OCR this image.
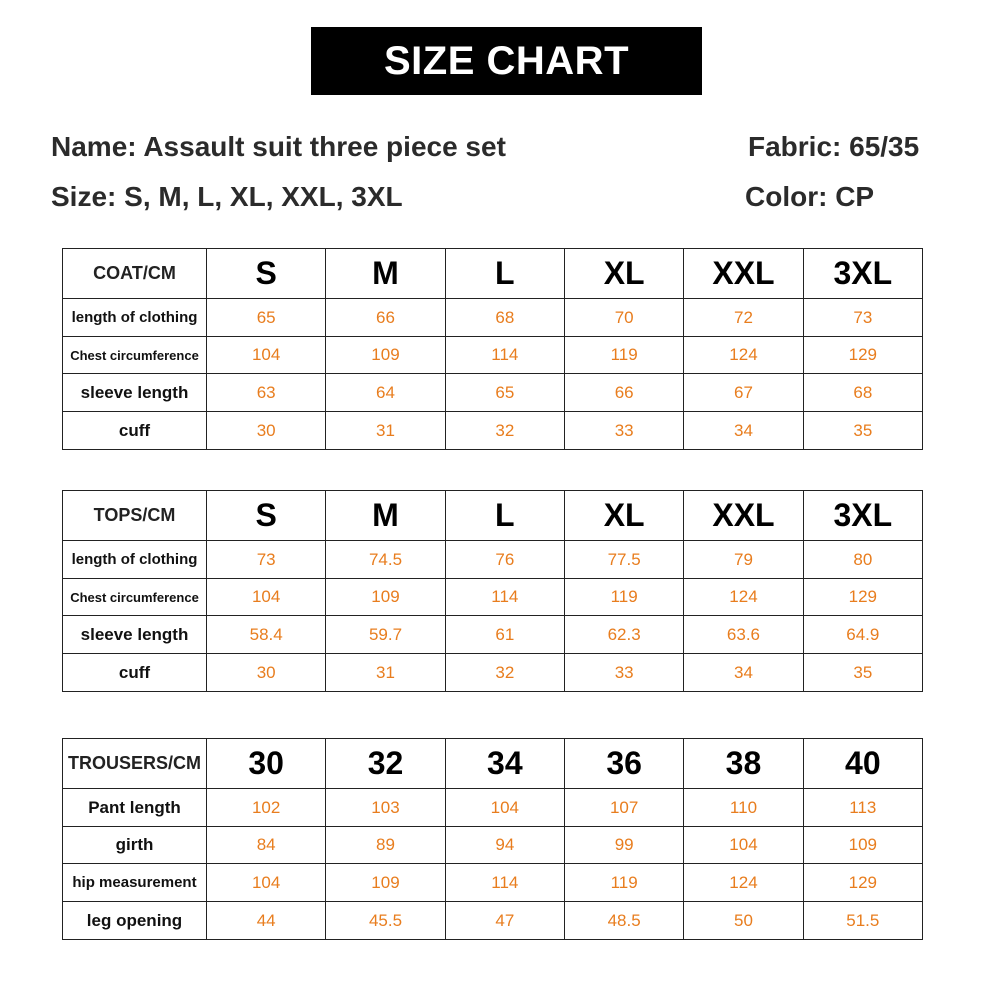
SIZE CHART
Name: Assault suit three piece set	Fabric: 65/35
Size: S, M, L, XL, XXL, 3XL	Color: CP
COAT/CM	S	M	L	XL	XXL	3XL
length of clothing	65	66	68	70	72	73
Chest circumference	104	109	114	119	124	129
sleeve length	63	64	65	66	67	68
cuff	30	31	32	33	34	35
TOPS/CM	S	M	L	XL	XXL	3XL
length of clothing	73	74.5	76	77.5	79	80
Chest circumference	104	109	114	119	124	129
sleeve length	58.4	59.7	61	62.3	63.6	64.9
cuff	30	31	32	33	34	35
TROUSERS/CM	30	32	34	36	38	40
Pant length	102	103	104	107	110	113
girth	84	89	94	99	104	109
hip measurement	104	109	114	119	124	129
leg opening	44	45.5	47	48.5	50	51.5
